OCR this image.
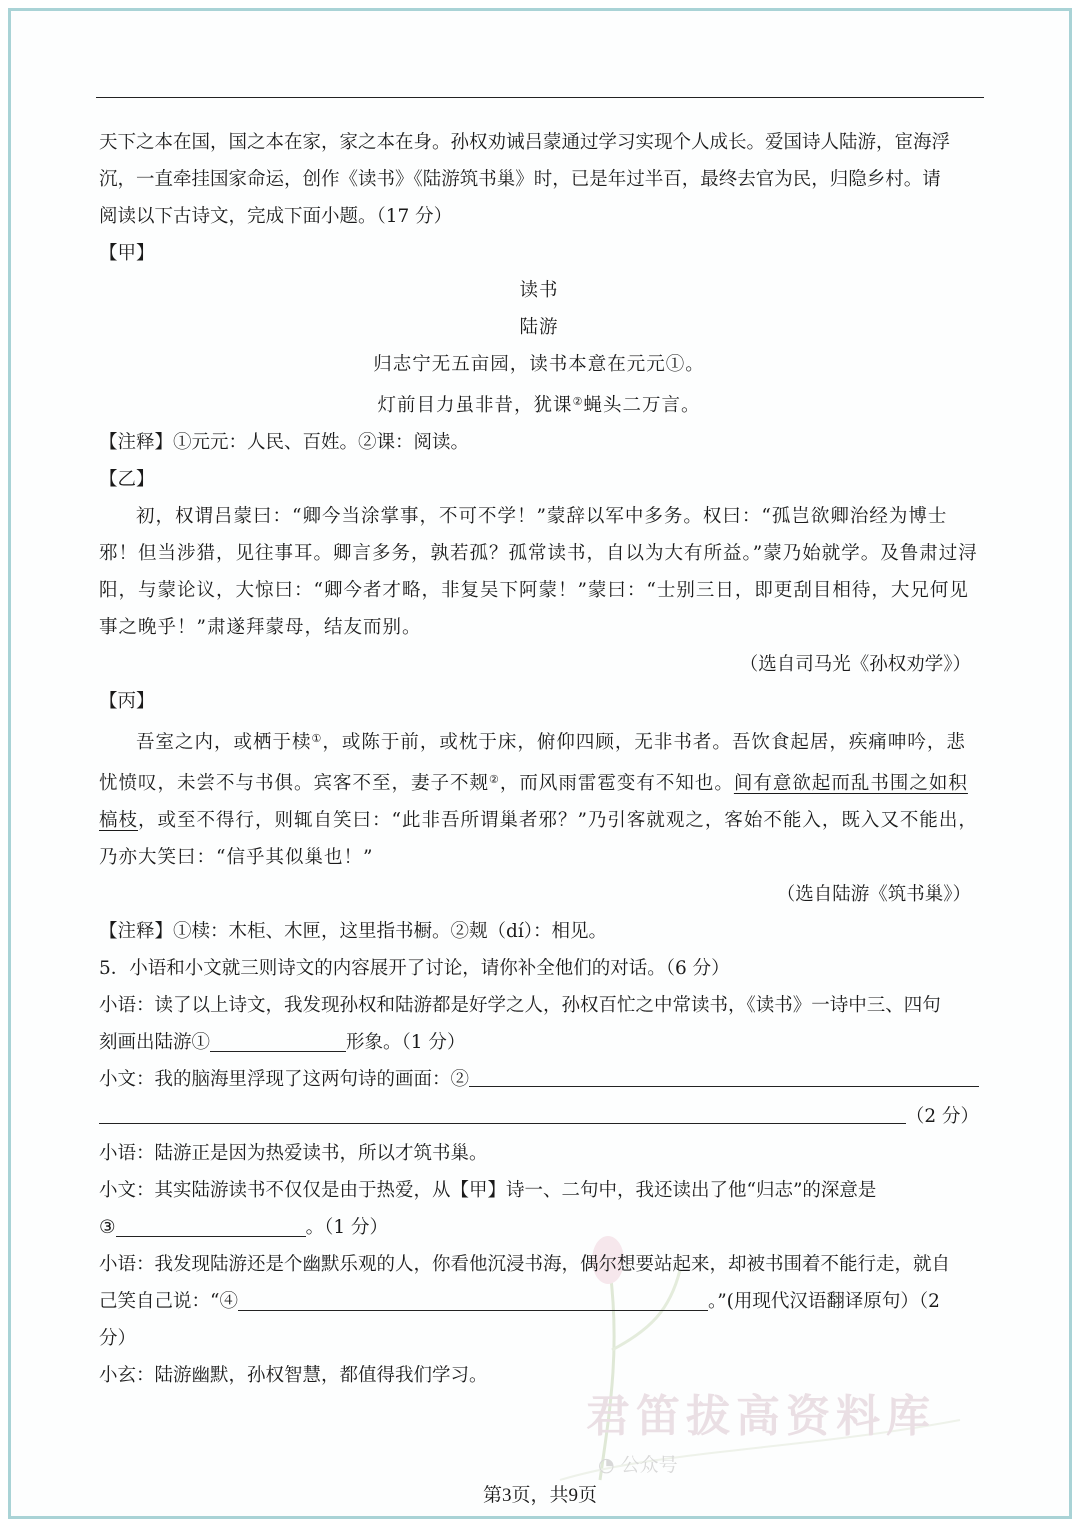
君笛拔高资料库
◔ 公众号

天下之本在国，国之本在家，家之本在身。孙权劝诫吕蒙通过学习实现个人成长。爱国诗人陆游，宦海浮

沉，一直牵挂国家命运，创作《读书》《陆游筑书巢》时，已是年过半百，最终去官为民，归隐乡村。请

阅读以下古诗文，完成下面小题。（17 分）

【甲】

读书

陆游

归志宁无五亩园，读书本意在元元①。

灯前目力虽非昔，犹课②蝇头二万言。

【注释】①元元：人民、百姓。②课：阅读。

【乙】

初，权谓吕蒙曰：“卿今当涂掌事，不可不学！”蒙辞以军中多务。权曰：“孤岂欲卿治经为博士邪！但当涉猎，见往事耳。卿言多务，孰若孤？孤常读书，自以为大有所益。”蒙乃始就学。及鲁肃过浔阳，与蒙论议，大惊曰：“卿今者才略，非复吴下阿蒙！”蒙曰：“士别三日，即更刮目相待，大兄何见事之晚乎！”肃遂拜蒙母，结友而别。

（选自司马光《孙权劝学》）

【丙】

吾室之内，或栖于椟①，或陈于前，或枕于床，俯仰四顾，无非书者。吾饮食起居，疾痛呻吟，悲忧愤叹，未尝不与书俱。宾客不至，妻子不觌②，而风雨雷雹变有不知也。间有意欲起而乱书围之如积槁枝，或至不得行，则辄自笑曰：“此非吾所谓巢者邪？”乃引客就观之，客始不能入，既入又不能出，乃亦大笑曰：“信乎其似巢也！”

（选自陆游《筑书巢》）

【注释】①椟：木柜、木匣，这里指书橱。②觌（dí）：相见。

5．小语和小文就三则诗文的内容展开了讨论，请你补全他们的对话。（6 分）

小语：读了以上诗文，我发现孙权和陆游都是好学之人，孙权百忙之中常读书，《读书》一诗中三、四句

刻画出陆游①	形象。（1 分）

小文：我的脑海里浮现了这两句诗的画面：②
（2 分）

小语：陆游正是因为热爱读书，所以才筑书巢。

小文：其实陆游读书不仅仅是由于热爱，从【甲】诗一、二句中，我还读出了他“归志”的深意是

③	。（1 分）

小语：我发现陆游还是个幽默乐观的人，你看他沉浸书海，偶尔想要站起来，却被书围着不能行走，就自

己笑自己说：“④	。”(用现代汉语翻译原句）（2

分）

小玄：陆游幽默，孙权智慧，都值得我们学习。

第3页，共9页
